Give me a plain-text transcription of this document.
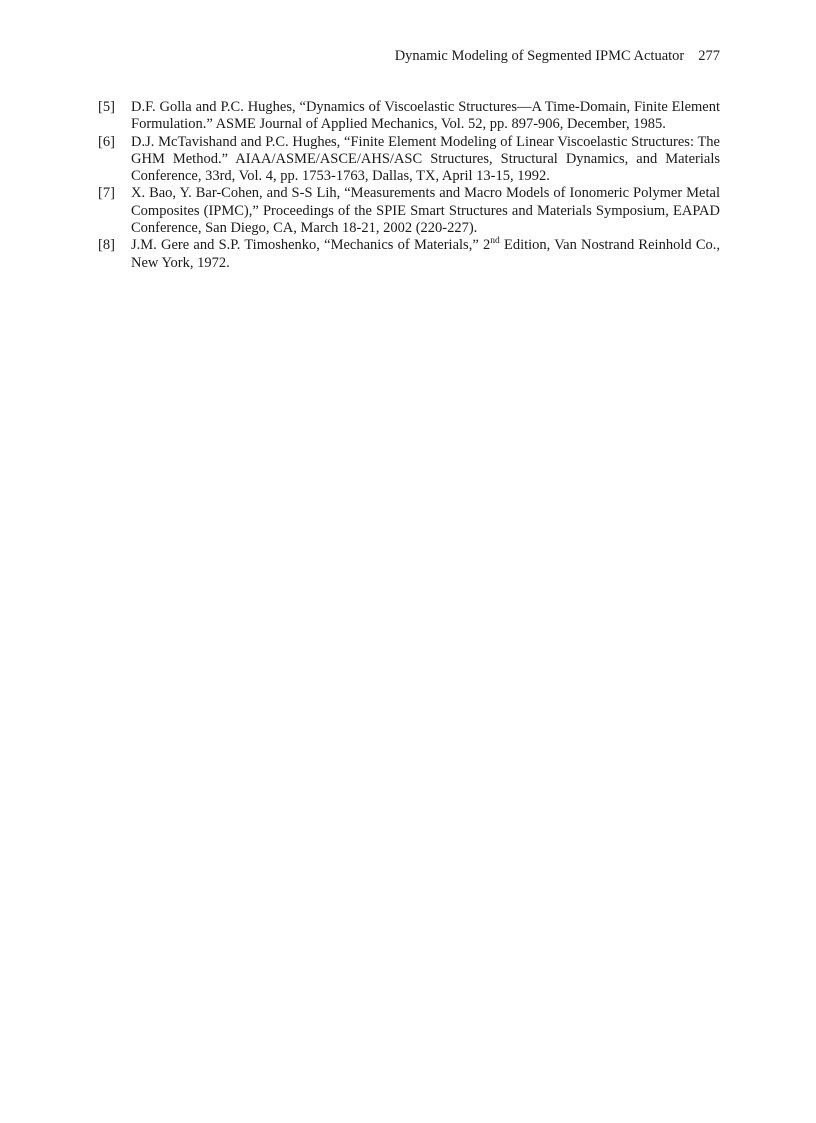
Dynamic Modeling of Segmented IPMC Actuator 277
[5] D.F. Golla and P.C. Hughes, “Dynamics of Viscoelastic Structures—A Time-Domain, Finite Element Formulation.” ASME Journal of Applied Mechanics, Vol. 52, pp. 897-906, December, 1985.
[6] D.J. McTavishand and P.C. Hughes, “Finite Element Modeling of Linear Viscoelastic Structures: The GHM Method.” AIAA/ASME/ASCE/AHS/ASC Structures, Structural Dynamics, and Materials Conference, 33rd, Vol. 4, pp. 1753-1763, Dallas, TX, April 13-15, 1992.
[7] X. Bao, Y. Bar-Cohen, and S-S Lih, “Measurements and Macro Models of Ionomeric Polymer Metal Composites (IPMC),” Proceedings of the SPIE Smart Structures and Materials Symposium, EAPAD Conference, San Diego, CA, March 18-21, 2002 (220-227).
[8] J.M. Gere and S.P. Timoshenko, “Mechanics of Materials,” 2nd Edition, Van Nostrand Reinhold Co., New York, 1972.
